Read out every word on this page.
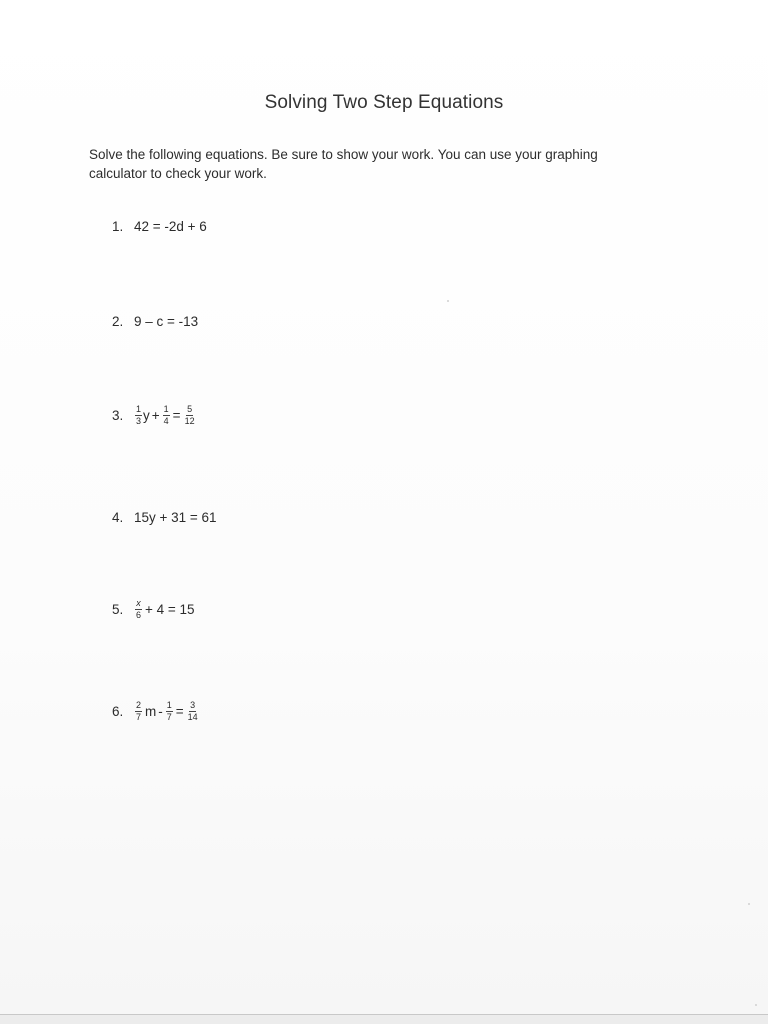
Solving Two Step Equations
Solve the following equations. Be sure to show your work. You can use your graphing
calculator to check your work.
1. 42 = -2d + 6
2. 9 – c = -13
3.	$\frac{1}{3}$ $y + \frac{1}{4} = \frac{5}{12}$
4. 15y + 31 = 61
5.	$\frac{x}{6} + 4 = 15$
6.	$\frac{2}{7}$ $m - \frac{1}{7} = \frac{3}{14}$
